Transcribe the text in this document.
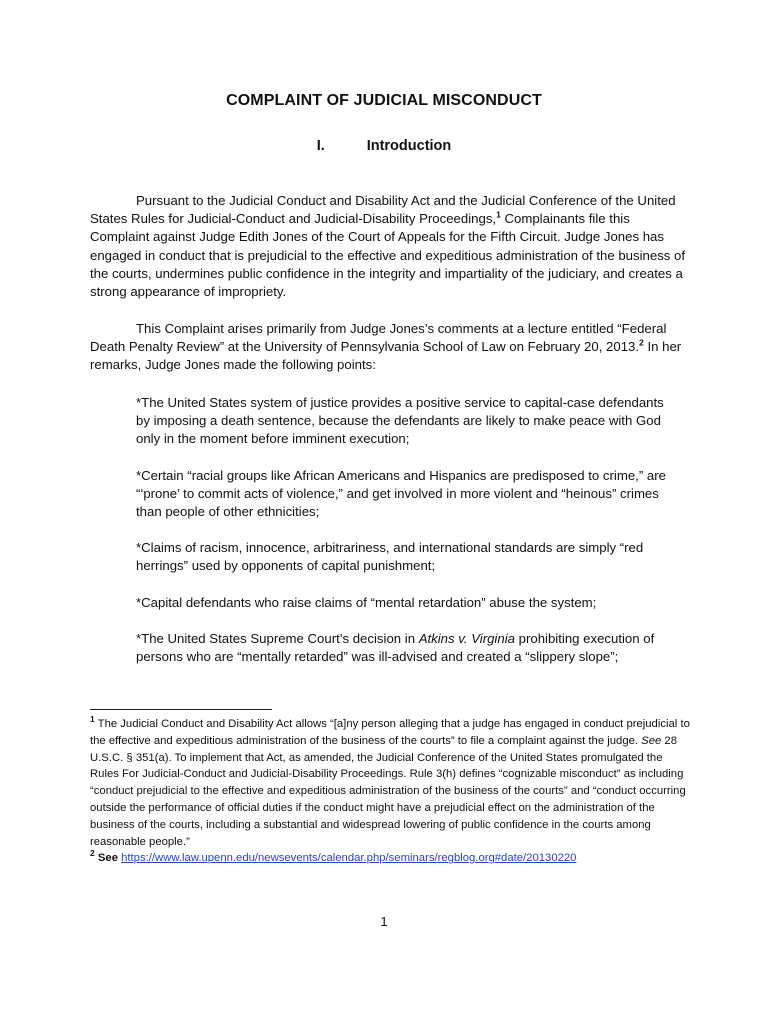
COMPLAINT OF JUDICIAL MISCONDUCT
I.	Introduction

Pursuant to the Judicial Conduct and Disability Act and the Judicial Conference of the United States Rules for Judicial-Conduct and Judicial-Disability Proceedings,$^1$ Complainants file this Complaint against Judge Edith Jones of the Court of Appeals for the Fifth Circuit. Judge Jones has engaged in conduct that is prejudicial to the effective and expeditious administration of the business of the courts, undermines public confidence in the integrity and impartiality of the judiciary, and creates a strong appearance of impropriety.

This Complaint arises primarily from Judge Jones’s comments at a lecture entitled “Federal Death Penalty Review” at the University of Pennsylvania School of Law on February 20, 2013.$^2$ In her remarks, Judge Jones made the following points:

*The United States system of justice provides a positive service to capital-case defendants by imposing a death sentence, because the defendants are likely to make peace with God only in the moment before imminent execution;

*Certain “racial groups like African Americans and Hispanics are predisposed to crime,” are “‘prone’ to commit acts of violence,” and get involved in more violent and “heinous” crimes than people of other ethnicities;

*Claims of racism, innocence, arbitrariness, and international standards are simply “red herrings” used by opponents of capital punishment;

*Capital defendants who raise claims of “mental retardation” abuse the system;

*The United States Supreme Court’s decision in Atkins v. Virginia prohibiting execution of persons who are “mentally retarded” was ill-advised and created a “slippery slope”;

$^1$ The Judicial Conduct and Disability Act allows “[a]ny person alleging that a judge has engaged in conduct prejudicial to the effective and expeditious administration of the business of the courts” to file a complaint against the judge. See 28 U.S.C. § 351(a). To implement that Act, as amended, the Judicial Conference of the United States promulgated the Rules For Judicial-Conduct and Judicial-Disability Proceedings. Rule 3(h) defines “cognizable misconduct” as including “conduct prejudicial to the effective and expeditious administration of the business of the courts” and “conduct occurring outside the performance of official duties if the conduct might have a prejudicial effect on the administration of the business of the courts, including a substantial and widespread lowering of public confidence in the courts among reasonable people.”

$^2$ See https://www.law.upenn.edu/newsevents/calendar.php/seminars/regblog.org#date/20130220

1
